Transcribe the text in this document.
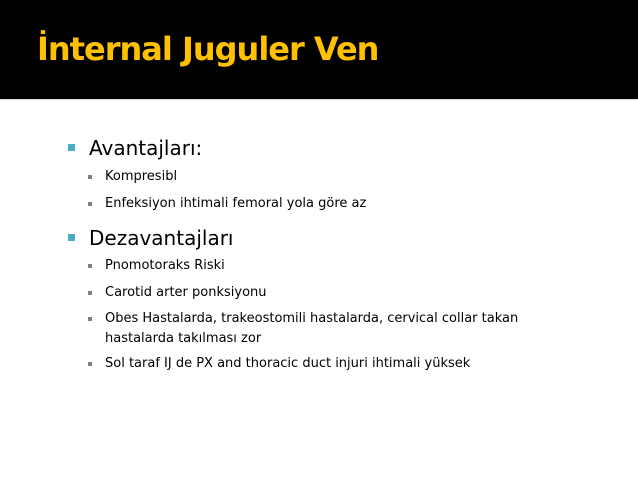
İnternal Juguler Ven
Avantajları:
Kompresibl
Enfeksiyon ihtimali femoral yola göre az
Dezavantajları
Pnomotoraks Riski
Carotid arter ponksiyonu
Obes Hastalarda, trakeostomili hastalarda, cervical collar takan hastalarda takılması zor
Sol taraf IJ de PX and thoracic duct injuri ihtimali yüksek
